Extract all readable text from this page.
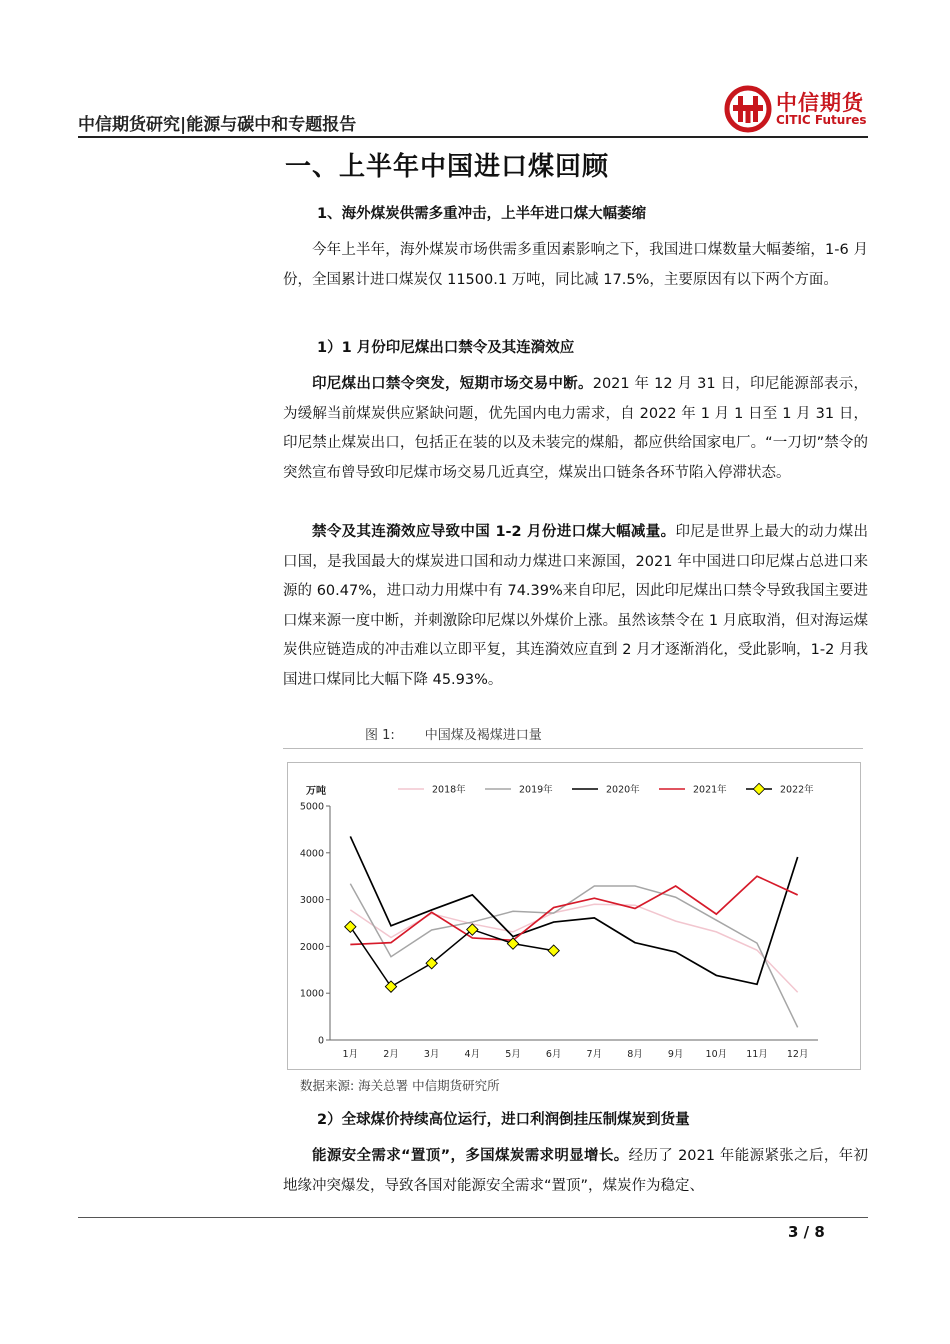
中信期货研究|能源与碳中和专题报告
中信期货
CITIC Futures
一、上半年中国进口煤回顾
1、海外煤炭供需多重冲击，上半年进口煤大幅萎缩
今年上半年，海外煤炭市场供需多重因素影响之下，我国进口煤数量大幅萎缩，1-6 月份，全国累计进口煤炭仅 11500.1 万吨，同比减 17.5%，主要原因有以下两个方面。
1）1 月份印尼煤出口禁令及其连漪效应
印尼煤出口禁令突发，短期市场交易中断。2021 年 12 月 31 日，印尼能源部表示，为缓解当前煤炭供应紧缺问题，优先国内电力需求，自 2022 年 1 月 1 日至 1 月 31 日，印尼禁止煤炭出口，包括正在装的以及未装完的煤船，都应供给国家电厂。“一刀切”禁令的突然宣布曾导致印尼煤市场交易几近真空，煤炭出口链条各环节陷入停滞状态。
禁令及其连漪效应导致中国 1-2 月份进口煤大幅减量。印尼是世界上最大的动力煤出口国，是我国最大的煤炭进口国和动力煤进口来源国，2021 年中国进口印尼煤占总进口来源的 60.47%，进口动力用煤中有 74.39%来自印尼，因此印尼煤出口禁令导致我国主要进口煤来源一度中断，并刺激除印尼煤以外煤价上涨。虽然该禁令在 1 月底取消，但对海运煤炭供应链造成的冲击难以立即平复，其连漪效应直到 2 月才逐渐消化，受此影响，1-2 月我国进口煤同比大幅下降 45.93%。
图 1: 中国煤及褐煤进口量
万吨
0
1000
2000
3000
4000
5000
1月	2月	3月	4月	5月	6月	7月	8月	9月 10月 11月 12月
2018年	2019年	2020年	2021年	2022年
数据来源: 海关总署 中信期货研究所
2）全球煤价持续高位运行，进口利润倒挂压制煤炭到货量
能源安全需求“置顶”，多国煤炭需求明显增长。经历了 2021 年能源紧张之后，年初地缘冲突爆发，导致各国对能源安全需求“置顶”，煤炭作为稳定、
3 / 8
